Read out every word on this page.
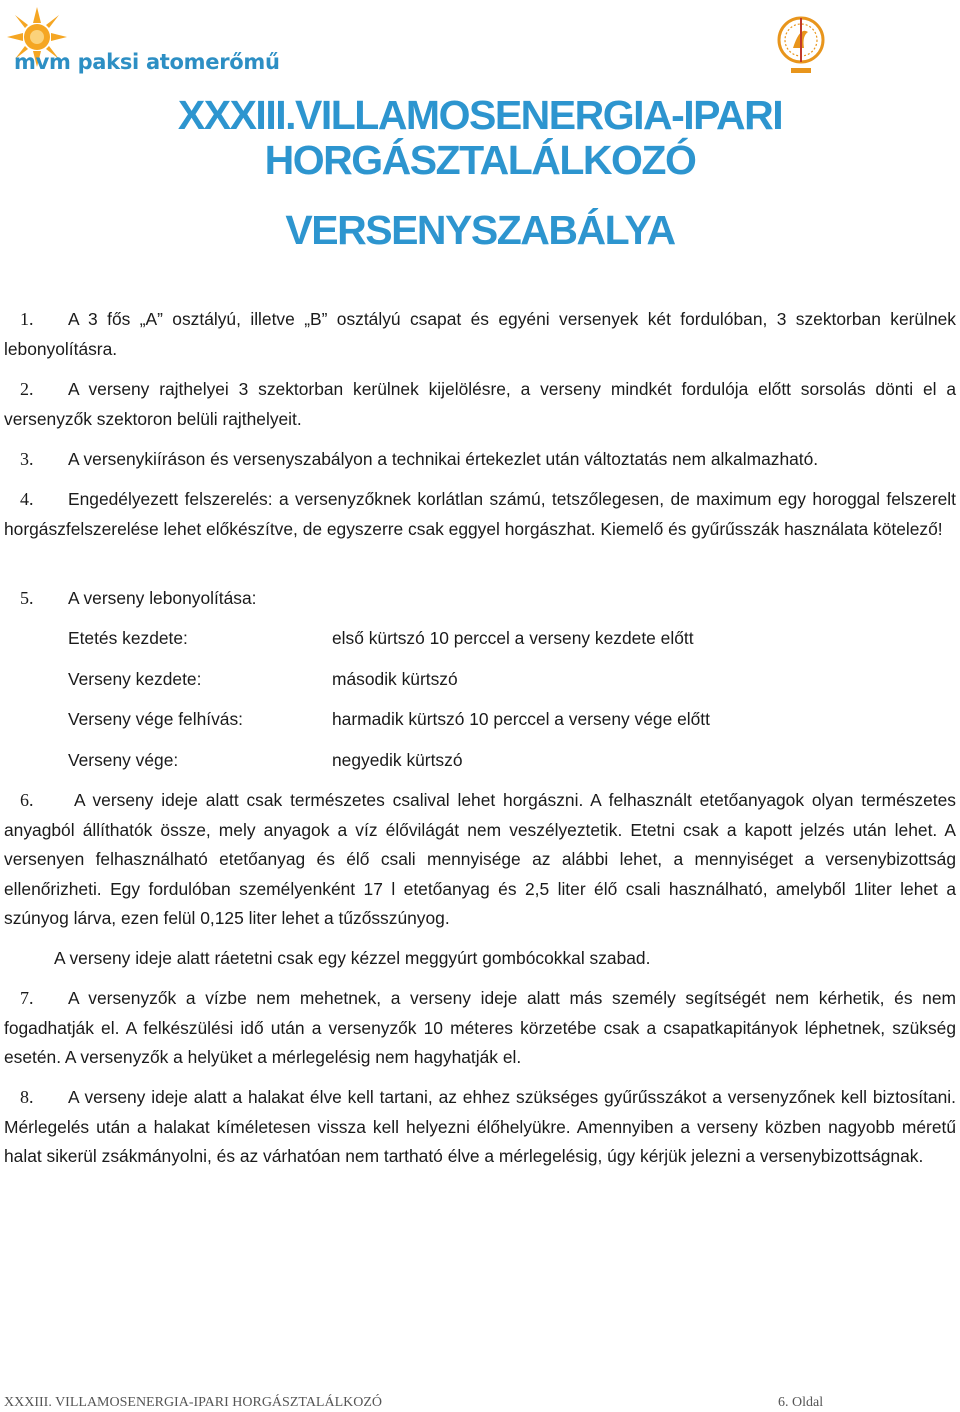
mvm paksi atomerőmű
XXXIII.VILLAMOSENERGIA-IPARI
HORGÁSZTALÁLKOZÓ
VERSENYSZABÁLYA

1. A 3 fős „A” osztályú, illetve „B” osztályú csapat és egyéni versenyek két fordulóban, 3 szektorban kerülnek lebonyolításra.

2. A verseny rajthelyei 3 szektorban kerülnek kijelölésre, a verseny mindkét fordulója előtt sorsolás dönti el a versenyzők szektoron belüli rajthelyeit.

3. A versenykiíráson és versenyszabályon a technikai értekezlet után változtatás nem alkalmazható.

4. Engedélyezett felszerelés: a versenyzőknek korlátlan számú, tetszőlegesen, de maximum egy horoggal felszerelt horgászfelszerelése lehet előkészítve, de egyszerre csak eggyel horgászhat. Kiemelő és gyűrűsszák használata kötelező!

5. A verseny lebonyolítása:

Etetés kezdete:	első kürtszó 10 perccel a verseny kezdete előtt
Verseny kezdete:	második kürtszó
Verseny vége felhívás:	harmadik kürtszó 10 perccel a verseny vége előtt
Verseny vége:	negyedik kürtszó

6. A verseny ideje alatt csak természetes csalival lehet horgászni. A felhasznált etetőanyagok olyan természetes anyagból állíthatók össze, mely anyagok a víz élővilágát nem veszélyeztetik. Etetni csak a kapott jelzés után lehet. A versenyen felhasználható etetőanyag és élő csali mennyisége az alábbi lehet, a mennyiséget a versenybizottság ellenőrizheti. Egy fordulóban személyenként 17 l etetőanyag és 2,5 liter élő csali használható, amelyből 1liter lehet a szúnyog lárva, ezen felül 0,125 liter lehet a tűzősszúnyog.

A verseny ideje alatt ráetetni csak egy kézzel meggyúrt gombócokkal szabad.

7. A versenyzők a vízbe nem mehetnek, a verseny ideje alatt más személy segítségét nem kérhetik, és nem fogadhatják el. A felkészülési idő után a versenyzők 10 méteres körzetébe csak a csapatkapitányok léphetnek, szükség esetén. A versenyzők a helyüket a mérlegelésig nem hagyhatják el.

8. A verseny ideje alatt a halakat élve kell tartani, az ehhez szükséges gyűrűsszákot a versenyzőnek kell biztosítani. Mérlegelés után a halakat kíméletesen vissza kell helyezni élőhelyükre. Amennyiben a verseny közben nagyobb méretű halat sikerül zsákmányolni, és az várhatóan nem tartható élve a mérlegelésig, úgy kérjük jelezni a versenybizottságnak.

XXXIII. VILLAMOSENERGIA-IPARI HORGÁSZTALÁLKOZÓ	6. Oldal
